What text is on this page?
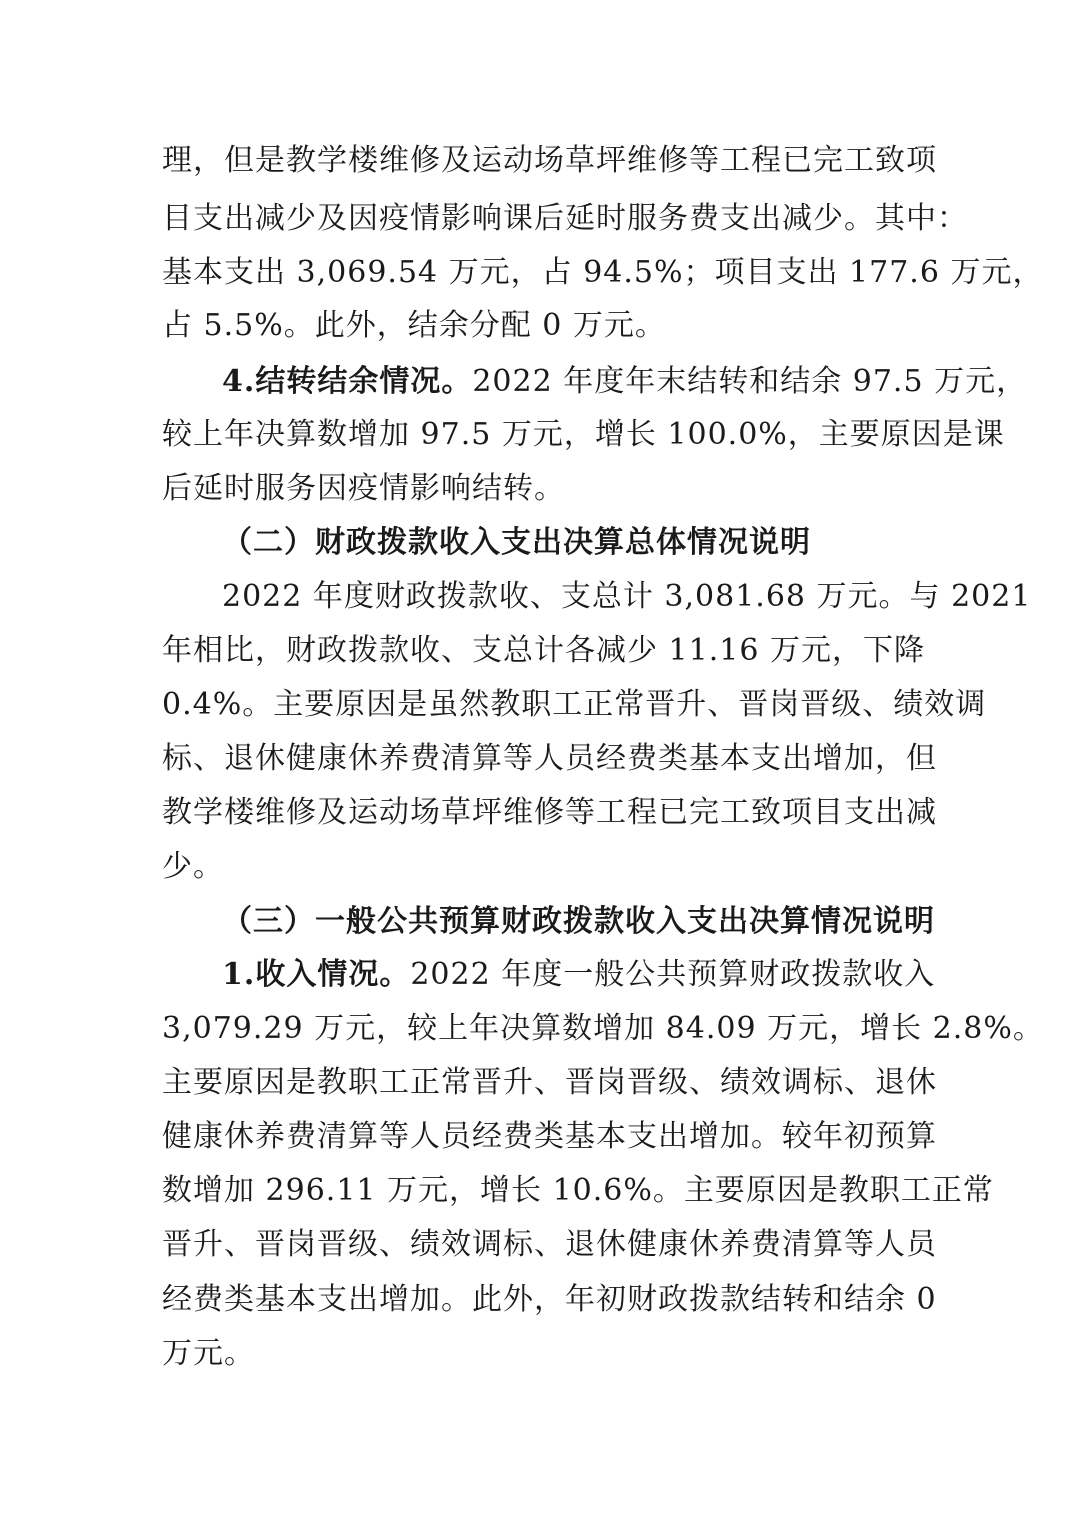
理，但是教学楼维修及运动场草坪维修等工程已完工致项
目支出减少及因疫情影响课后延时服务费支出减少。其中：
基本支出 3,069.54 万元，占 94.5%；项目支出 177.6 万元，
占 5.5%。此外，结余分配 0 万元。
4.结转结余情况。2022 年度年末结转和结余 97.5 万元，
较上年决算数增加 97.5 万元，增长 100.0%，主要原因是课
后延时服务因疫情影响结转。
（二）财政拨款收入支出决算总体情况说明
2022 年度财政拨款收、支总计 3,081.68 万元。与 2021
年相比，财政拨款收、支总计各减少 11.16 万元，下降
0.4%。主要原因是虽然教职工正常晋升、晋岗晋级、绩效调
标、退休健康休养费清算等人员经费类基本支出增加，但
教学楼维修及运动场草坪维修等工程已完工致项目支出减
少。
（三）一般公共预算财政拨款收入支出决算情况说明
1.收入情况。2022 年度一般公共预算财政拨款收入
3,079.29 万元，较上年决算数增加 84.09 万元，增长 2.8%。
主要原因是教职工正常晋升、晋岗晋级、绩效调标、退休
健康休养费清算等人员经费类基本支出增加。较年初预算
数增加 296.11 万元，增长 10.6%。主要原因是教职工正常
晋升、晋岗晋级、绩效调标、退休健康休养费清算等人员
经费类基本支出增加。此外，年初财政拨款结转和结余 0
万元。
